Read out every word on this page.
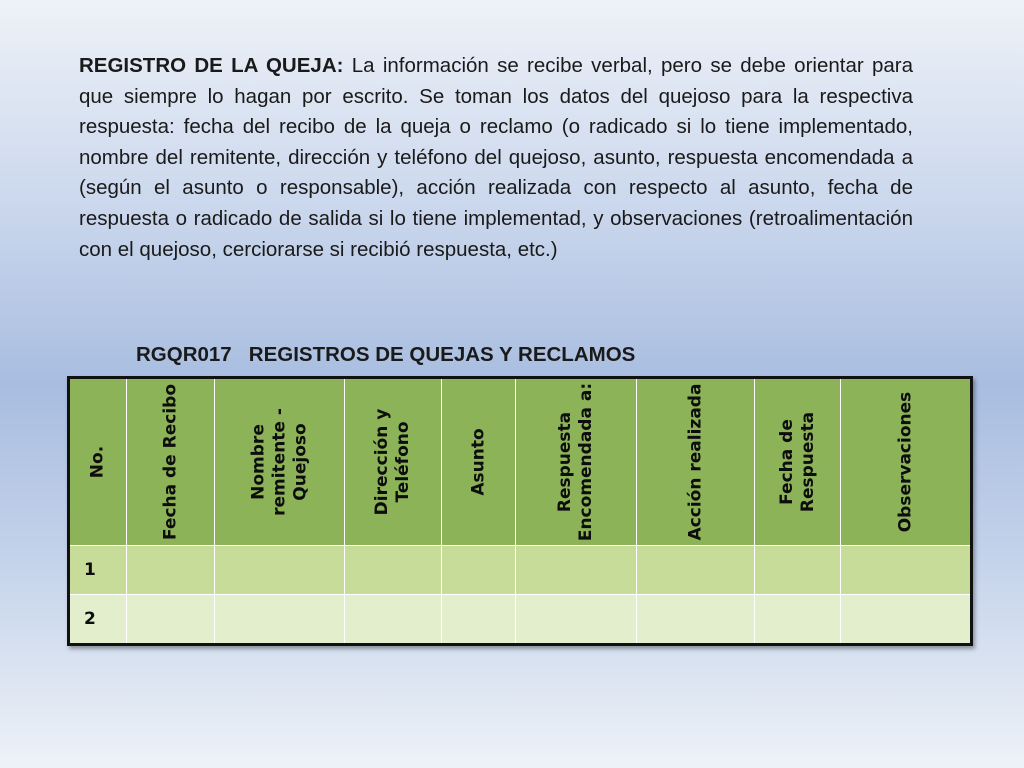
REGISTRO DE LA QUEJA: La información se recibe verbal, pero se debe orientar para que siempre lo hagan por escrito. Se toman los datos del quejoso para la respectiva respuesta: fecha del recibo de la queja o reclamo (o radicado si lo tiene implementado, nombre del remitente, dirección y teléfono del quejoso, asunto, respuesta encomendada a (según el asunto o responsable), acción realizada con respecto al asunto, fecha de respuesta o radicado de salida si lo tiene implementad, y observaciones (retroalimentación con el quejoso, cerciorarse si recibió respuesta, etc.)
RGQR017   REGISTROS DE QUEJAS Y RECLAMOS
No.	Fecha de Recibo	Nombre remitente - Quejoso	Dirección y Teléfono	Asunto	Respuesta Encomendada a:	Acción realizada	Fecha de Respuesta	Observaciones

1								
2								
